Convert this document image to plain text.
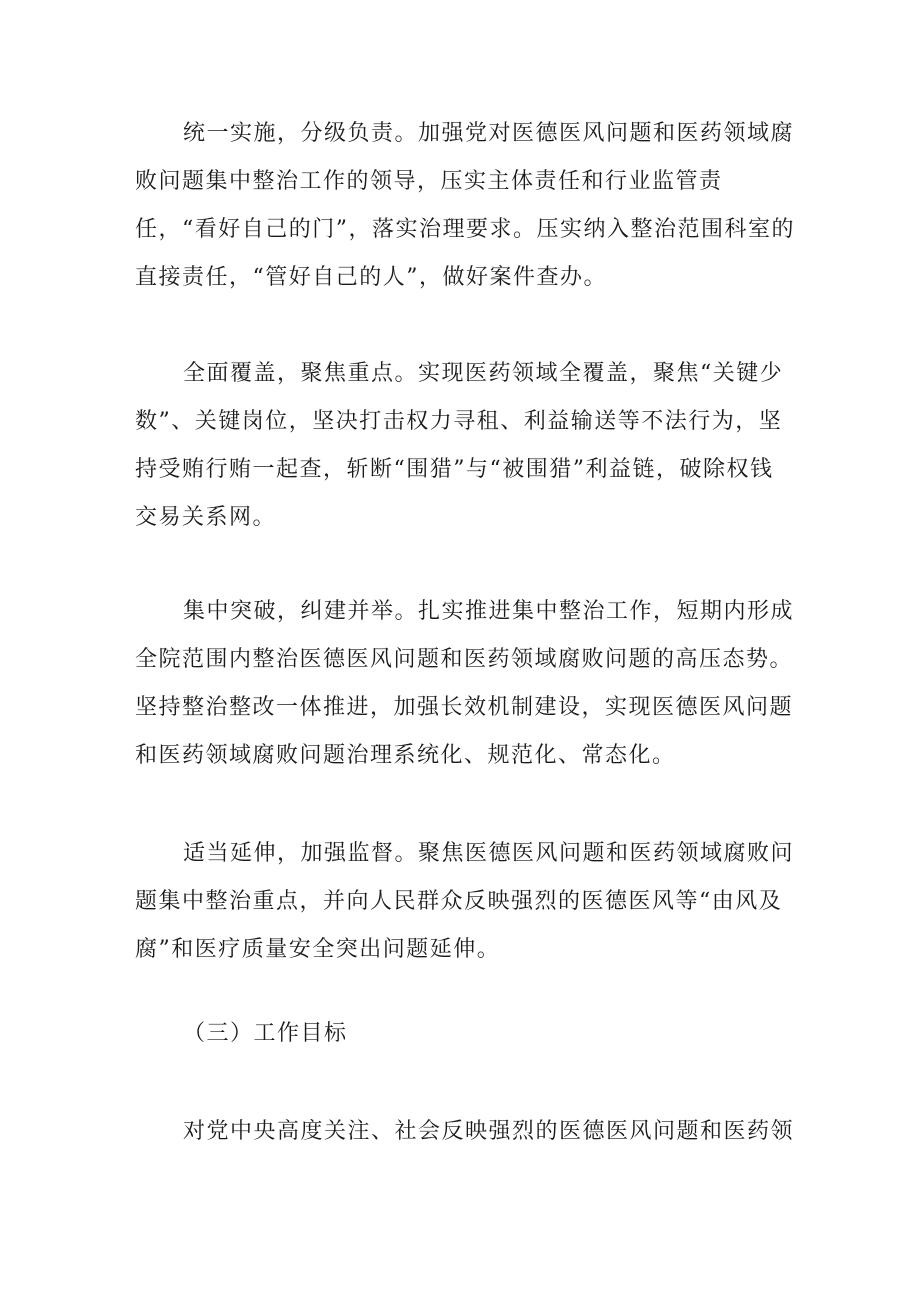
统一实施，分级负责。加强党对医德医风问题和医药领域腐败问题集中整治工作的领导，压实主体责任和行业监管责任，“看好自己的门”，落实治理要求。压实纳入整治范围科室的直接责任，“管好自己的人”，做好案件查办。

全面覆盖，聚焦重点。实现医药领域全覆盖，聚焦“关键少数”、关键岗位，坚决打击权力寻租、利益输送等不法行为，坚持受贿行贿一起查，斩断“围猎”与“被围猎”利益链，破除权钱交易关系网。

集中突破，纠建并举。扎实推进集中整治工作，短期内形成全院范围内整治医德医风问题和医药领域腐败问题的高压态势。坚持整治整改一体推进，加强长效机制建设，实现医德医风问题和医药领域腐败问题治理系统化、规范化、常态化。

适当延伸，加强监督。聚焦医德医风问题和医药领域腐败问题集中整治重点，并向人民群众反映强烈的医德医风等“由风及腐”和医疗质量安全突出问题延伸。

（三）工作目标

对党中央高度关注、社会反映强烈的医德医风问题和医药领
